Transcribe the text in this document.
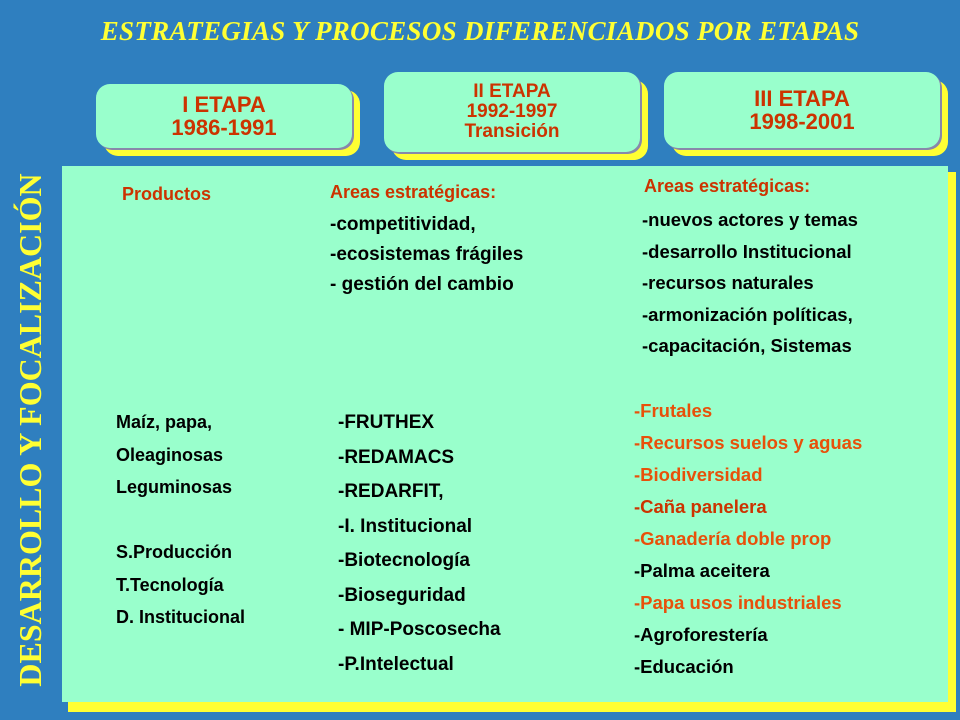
ESTRATEGIAS Y PROCESOS DIFERENCIADOS POR ETAPAS
DESARROLLO Y FOCALIZACIÓN
I ETAPA
1986-1991
II ETAPA
1992-1997
Transición
III ETAPA
1998-2001
Productos
Maíz, papa,
Oleaginosas
Leguminosas
S.Producción
T.Tecnología
D. Institucional
Areas estratégicas:
-competitividad,
-ecosistemas frágiles
- gestión del cambio
-FRUTHEX
-REDAMACS
-REDARFIT,
-I. Institucional
-Biotecnología
-Bioseguridad
- MIP-Poscosecha
-P.Intelectual
Areas estratégicas:
-nuevos actores y temas
-desarrollo Institucional
-recursos naturales
-armonización políticas,
-capacitación, Sistemas
-Frutales
-Recursos suelos y aguas
-Biodiversidad
-Caña panelera
-Ganadería doble prop
-Palma aceitera
-Papa usos industriales
-Agroforestería
-Educación
